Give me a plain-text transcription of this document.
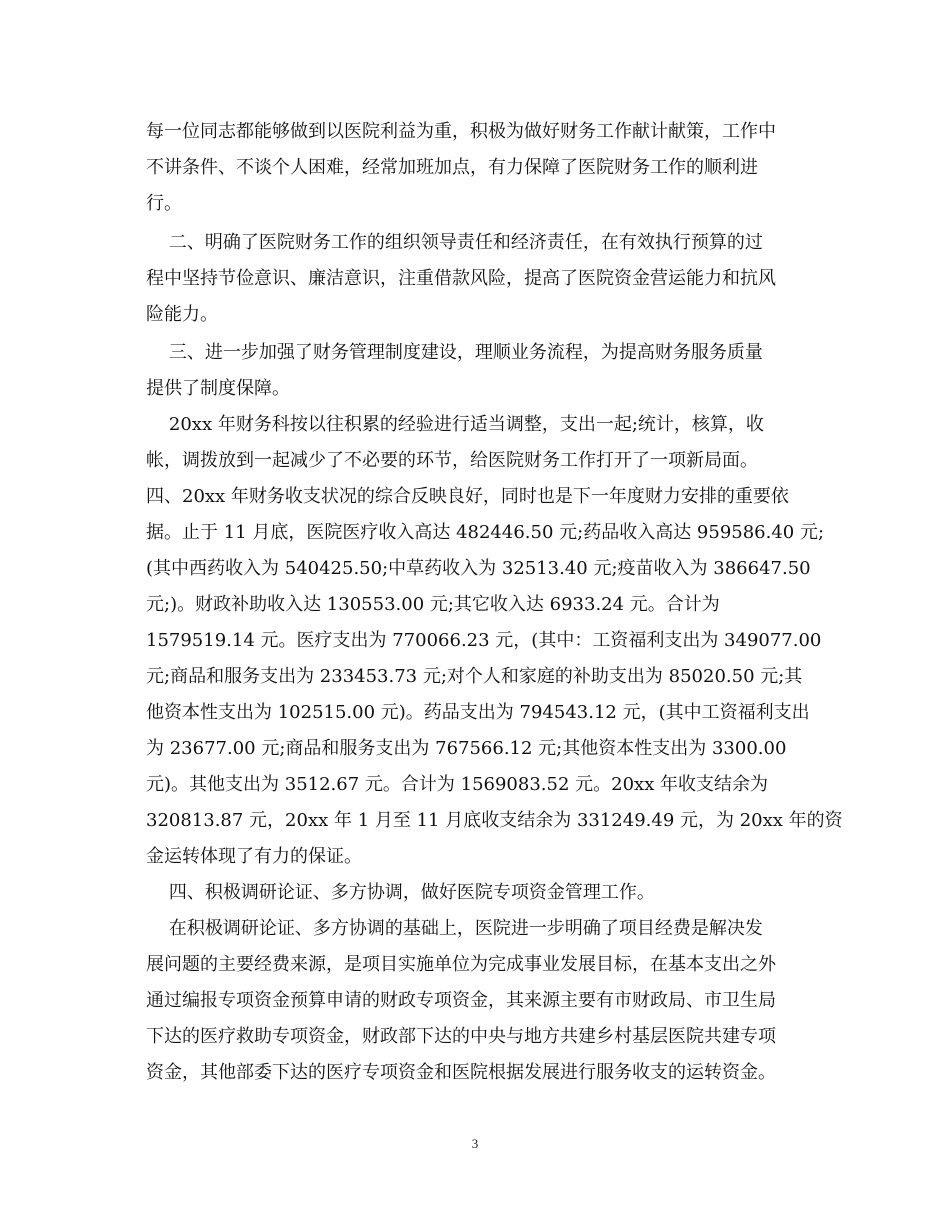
每一位同志都能够做到以医院利益为重，积极为做好财务工作献计献策，工作中
不讲条件、不谈个人困难，经常加班加点，有力保障了医院财务工作的顺利进
行。
二、明确了医院财务工作的组织领导责任和经济责任，在有效执行预算的过
程中坚持节俭意识、廉洁意识，注重借款风险，提高了医院资金营运能力和抗风
险能力。
三、进一步加强了财务管理制度建设，理顺业务流程，为提高财务服务质量
提供了制度保障。
20xx 年财务科按以往积累的经验进行适当调整，支出一起;统计，核算，收
帐，调拨放到一起减少了不必要的环节，给医院财务工作打开了一项新局面。
四、20xx 年财务收支状况的综合反映良好，同时也是下一年度财力安排的重要依
据。止于 11 月底，医院医疗收入高达 482446.50 元;药品收入高达 959586.40 元;
(其中西药收入为 540425.50;中草药收入为 32513.40 元;疫苗收入为 386647.50
元;)。财政补助收入达 130553.00 元;其它收入达 6933.24 元。合计为
1579519.14 元。医疗支出为 770066.23 元，(其中：工资福利支出为 349077.00
元;商品和服务支出为 233453.73 元;对个人和家庭的补助支出为 85020.50 元;其
他资本性支出为 102515.00 元)。药品支出为 794543.12 元，(其中工资福利支出
为 23677.00 元;商品和服务支出为 767566.12 元;其他资本性支出为 3300.00
元)。其他支出为 3512.67 元。合计为 1569083.52 元。20xx 年收支结余为
320813.87 元，20xx 年 1 月至 11 月底收支结余为 331249.49 元，为 20xx 年的资
金运转体现了有力的保证。
四、积极调研论证、多方协调，做好医院专项资金管理工作。
在积极调研论证、多方协调的基础上，医院进一步明确了项目经费是解决发
展问题的主要经费来源，是项目实施单位为完成事业发展目标，在基本支出之外
通过编报专项资金预算申请的财政专项资金，其来源主要有市财政局、市卫生局
下达的医疗救助专项资金，财政部下达的中央与地方共建乡村基层医院共建专项
资金，其他部委下达的医疗专项资金和医院根据发展进行服务收支的运转资金。
3
